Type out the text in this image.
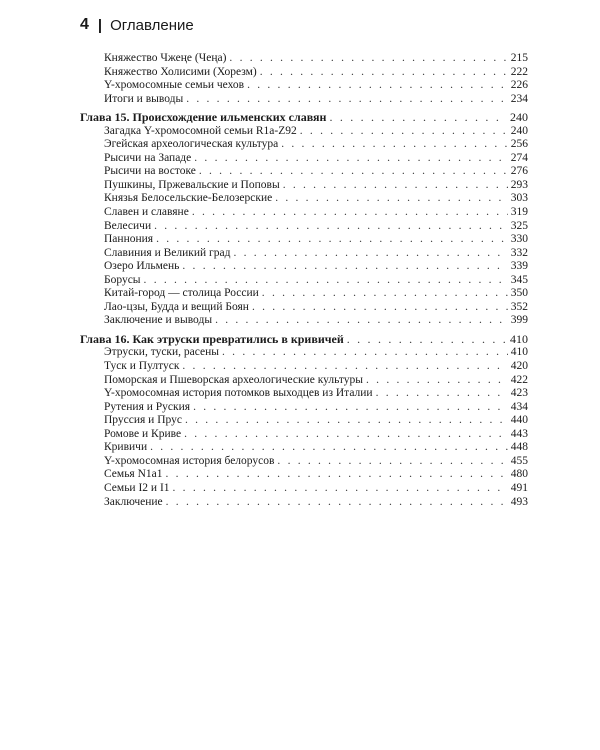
4 | Оглавление
Княжество Чжеңе (Чеңа) . . .	215
Княжество Холисими (Хорезм) . . .	222
Y-хромосомные семьи чехов . . .	226
Итоги и выводы . . .	234
Глава 15. Происхождение ильменских славян . . .	240
Загадка Y-хромосомной семьи R1a-Z92 . . .	240
Эгейская археологическая культура . . .	256
Рысичи на Западе . . .	274
Рысичи на востоке . . .	276
Пушкины, Пржевальские и Поповы . . .	293
Князья Белосельские-Белозерские . . .	303
Славен и славяне . . .	319
Велесичи . . .	325
Паннония . . .	330
Славиния и Великий град . . .	332
Озеро Ильмень . . .	339
Борусы . . .	345
Китай-город — столица России . . .	350
Лао-цзы, Будда и вещий Боян . . .	352
Заключение и выводы . . .	399
Глава 16. Как этруски превратились в кривичей . . .	410
Этруски, туски, расены . . .	410
Туск и Пултуск . . .	420
Поморская и Пшеворская археологические культуры . . .	422
Y-хромосомная история потомков выходцев из Италии . . .	423
Рутения и Руския . . .	434
Пруссия и Прус . . .	440
Ромове и Криве . . .	443
Кривичи . . .	448
Y-хромосомная история белорусов . . .	455
Семья N1a1 . . .	480
Семьи I2 и I1 . . .	491
Заключение . . .	493
